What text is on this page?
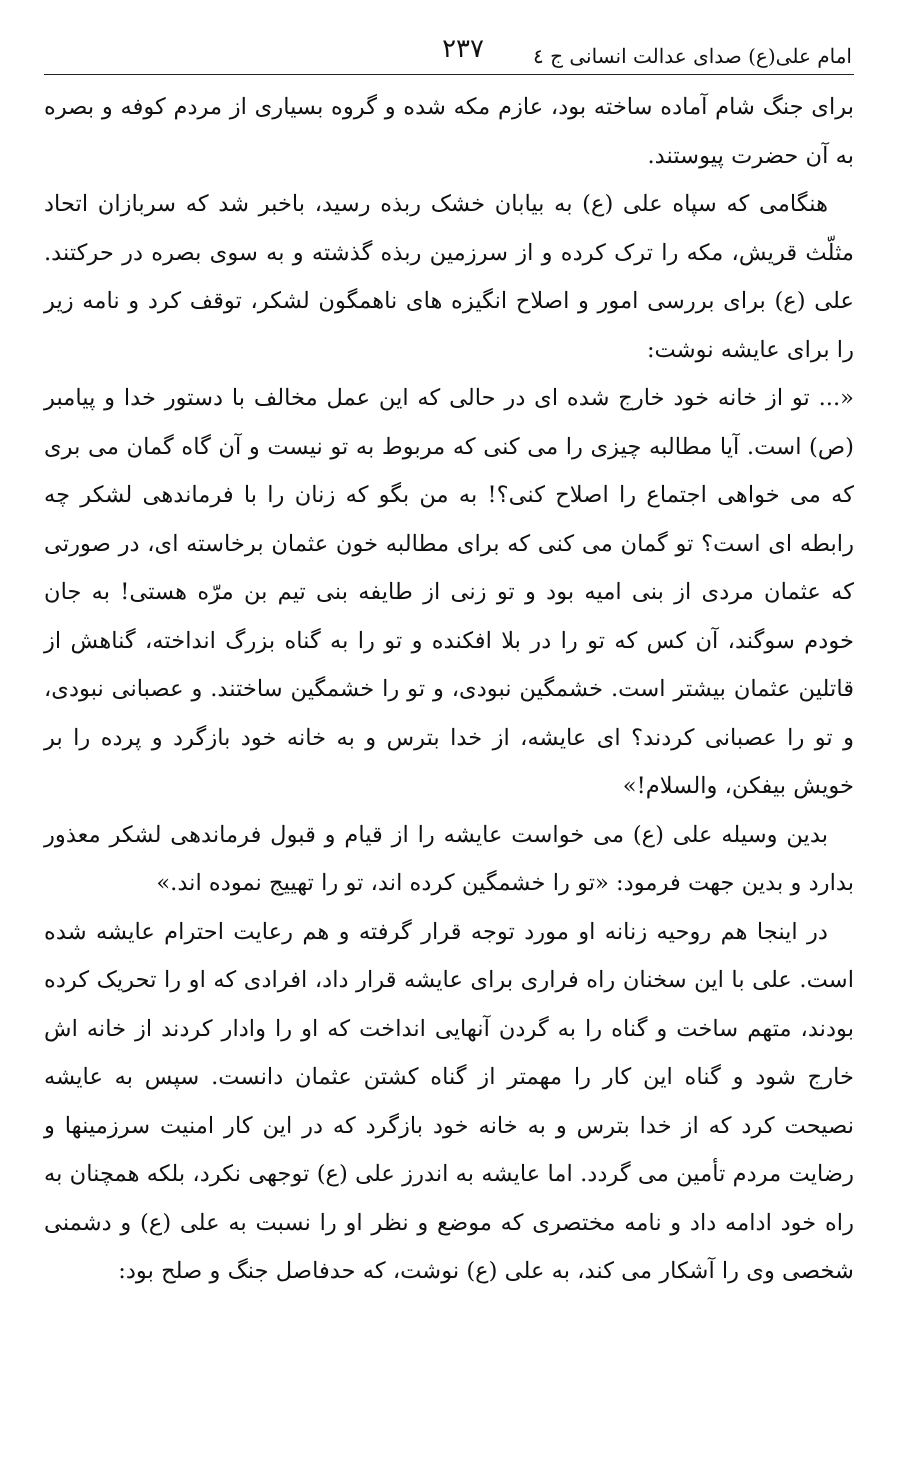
امام علی(ع) صدای عدالت انسانی ج ٤
۲۳۷

برای جنگ شام آماده ساخته بود، عازم مکه شده و گروه بسیاری از مردم کوفه و بصره به آن حضرت پیوستند.

هنگامی که سپاه علی (ع) به بیابان خشک ربذه رسید، باخبر شد که سربازان اتحاد مثلّث قریش، مکه را ترک کرده و از سرزمین ربذه گذشته و به سوی بصره در حرکتند. علی (ع) برای بررسی امور و اصلاح انگیزه های ناهمگون لشکر، توقف کرد و نامه زیر را برای عایشه نوشت:

«... تو از خانه خود خارج شده ای در حالی که این عمل مخالف با دستور خدا و پیامبر (ص) است. آیا مطالبه چیزی را می کنی که مربوط به تو نیست و آن گاه گمان می بری که می خواهی اجتماع را اصلاح کنی؟! به من بگو که زنان را با فرماندهی لشکر چه رابطه ای است؟ تو گمان می کنی که برای مطالبه خون عثمان برخاسته ای، در صورتی که عثمان مردی از بنی امیه بود و تو زنی از طایفه بنی تیم بن مرّه هستی! به جان خودم سوگند، آن کس که تو را در بلا افکنده و تو را به گناه بزرگ انداخته، گناهش از قاتلین عثمان بیشتر است. خشمگین نبودی، و تو را خشمگین ساختند. و عصبانی نبودی، و تو را عصبانی کردند؟ ای عایشه، از خدا بترس و به خانه خود بازگرد و پرده را بر خویش بیفکن، والسلام!»

بدین وسیله علی (ع) می خواست عایشه را از قیام و قبول فرماندهی لشکر معذور بدارد و بدین جهت فرمود: «تو را خشمگین کرده اند، تو را تهییج نموده اند.»

در اینجا هم روحیه زنانه او مورد توجه قرار گرفته و هم رعایت احترام عایشه شده است. علی با این سخنان راه فراری برای عایشه قرار داد، افرادی که او را تحریک کرده بودند، متهم ساخت و گناه را به گردن آنهایی انداخت که او را وادار کردند از خانه اش خارج شود و گناه این کار را مهمتر از گناه کشتن عثمان دانست. سپس به عایشه نصیحت کرد که از خدا بترس و به خانه خود بازگرد که در این کار امنیت سرزمینها و رضایت مردم تأمین می گردد. اما عایشه به اندرز علی (ع) توجهی نکرد، بلکه همچنان به راه خود ادامه داد و نامه مختصری که موضع و نظر او را نسبت به علی (ع) و دشمنی شخصی وی را آشکار می کند، به علی (ع) نوشت، که حدفاصل جنگ و صلح بود:
